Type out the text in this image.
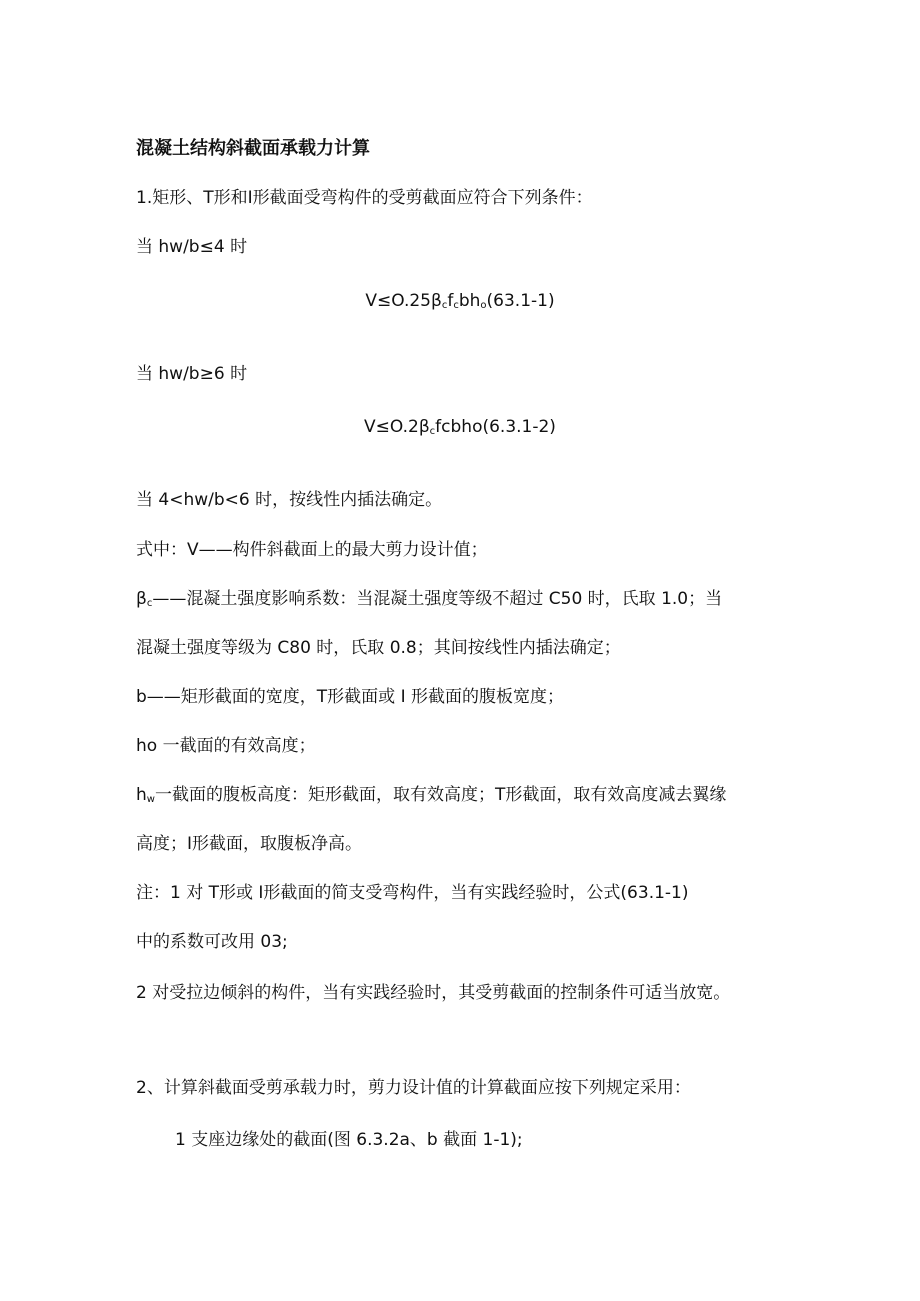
混凝土结构斜截面承载力计算
1.矩形、T形和I形截面受弯构件的受剪截面应符合下列条件：
当 hw/b≤4 时
$V\le O.25\beta_cf_cbh_o(63.1-1)$
当 hw/b≥6 时
$V\le O.2\beta_cfcbho(6.3.1-2)$
当 4<hw/b<6 时，按线性内插法确定。
式中：V——构件斜截面上的最大剪力设计值；
$\beta_c——$混凝土强度影响系数：当混凝土强度等级不超过 C50 时，氏取 1.0；当
混凝土强度等级为 C80 时，氏取 0.8；其间按线性内插法确定；
b——矩形截面的宽度，T形截面或 I 形截面的腹板宽度；
ho 一截面的有效高度；
$h_w$一截面的腹板高度：矩形截面，取有效高度；T形截面，取有效高度减去翼缘
高度；I形截面，取腹板净高。
注：1 对 T形或 I形截面的简支受弯构件，当有实践经验时，公式(63.1-1)
中的系数可改用 03;
2 对受拉边倾斜的构件，当有实践经验时，其受剪截面的控制条件可适当放宽。
2、计算斜截面受剪承载力时，剪力设计值的计算截面应按下列规定采用：
1 支座边缘处的截面(图 6.3.2a、b 截面 1-1);
